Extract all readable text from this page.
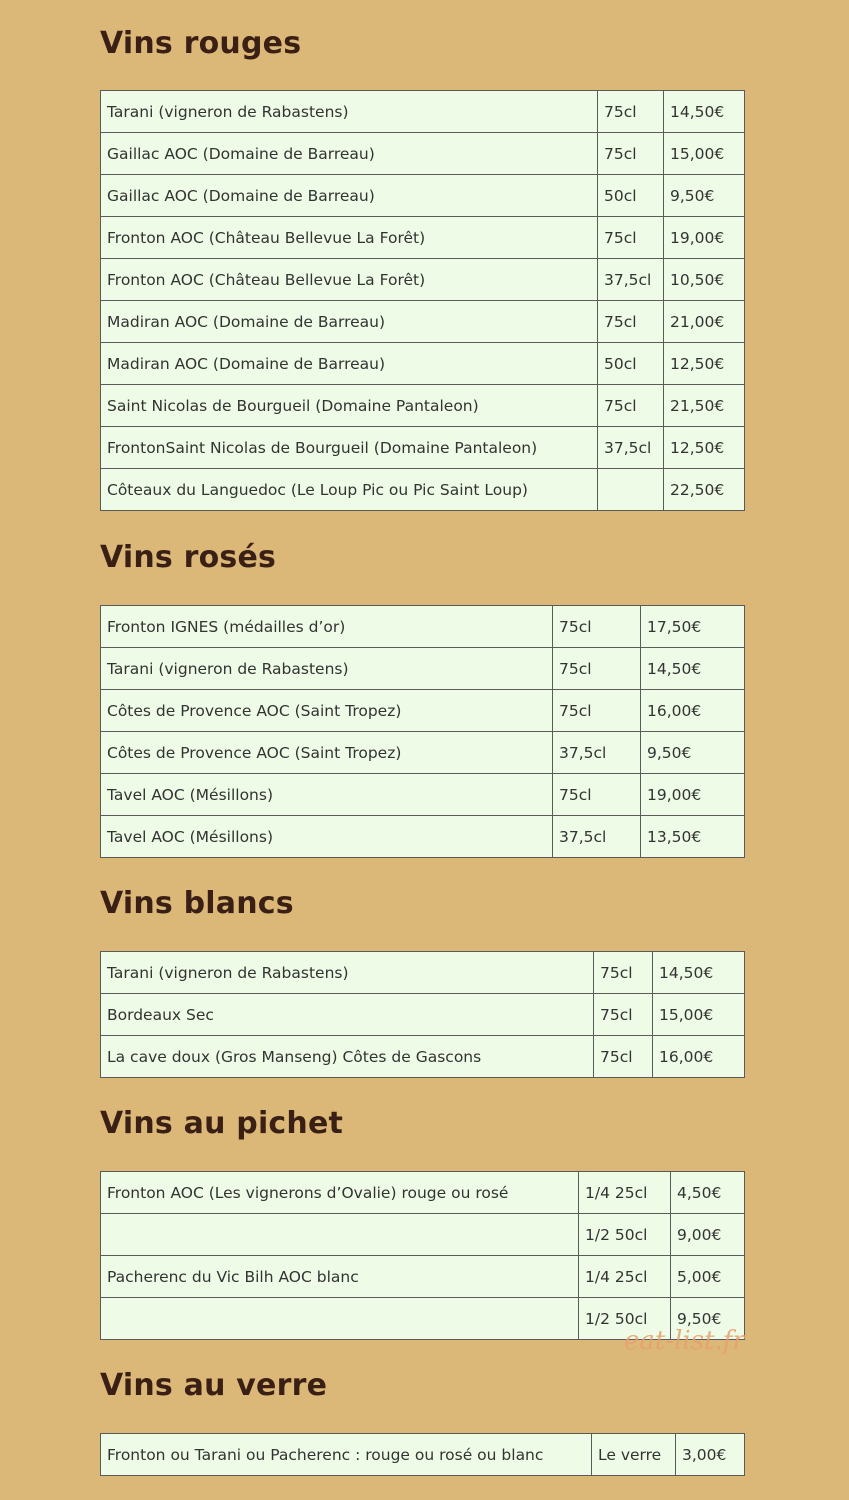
Vins rouges
Tarani (vigneron de Rabastens)	75cl	14,50€
Gaillac AOC (Domaine de Barreau)	75cl	15,00€
Gaillac AOC (Domaine de Barreau)	50cl	9,50€
Fronton AOC (Château Bellevue La Forêt)	75cl	19,00€
Fronton AOC (Château Bellevue La Forêt)	37,5cl	10,50€
Madiran AOC (Domaine de Barreau)	75cl	21,00€
Madiran AOC (Domaine de Barreau)	50cl	12,50€
Saint Nicolas de Bourgueil (Domaine Pantaleon)	75cl	21,50€
FrontonSaint Nicolas de Bourgueil (Domaine Pantaleon)	37,5cl	12,50€
Côteaux du Languedoc (Le Loup Pic ou Pic Saint Loup)		22,50€
Vins rosés
Fronton IGNES (médailles d’or)	75cl	17,50€
Tarani (vigneron de Rabastens)	75cl	14,50€
Côtes de Provence AOC (Saint Tropez)	75cl	16,00€
Côtes de Provence AOC (Saint Tropez)	37,5cl	9,50€
Tavel AOC (Mésillons)	75cl	19,00€
Tavel AOC (Mésillons)	37,5cl	13,50€
Vins blancs
Tarani (vigneron de Rabastens)	75cl	14,50€
Bordeaux Sec	75cl	15,00€
La cave doux (Gros Manseng) Côtes de Gascons	75cl	16,00€
Vins au pichet
Fronton AOC (Les vignerons d’Ovalie) rouge ou rosé	1/4 25cl	4,50€
	1/2 50cl	9,00€
Pacherenc du Vic Bilh AOC blanc	1/4 25cl	5,00€
	1/2 50cl	9,50€
Vins au verre
Fronton ou Tarani ou Pacherenc : rouge ou rosé ou blanc	Le verre	3,00€
eat-list.fr
